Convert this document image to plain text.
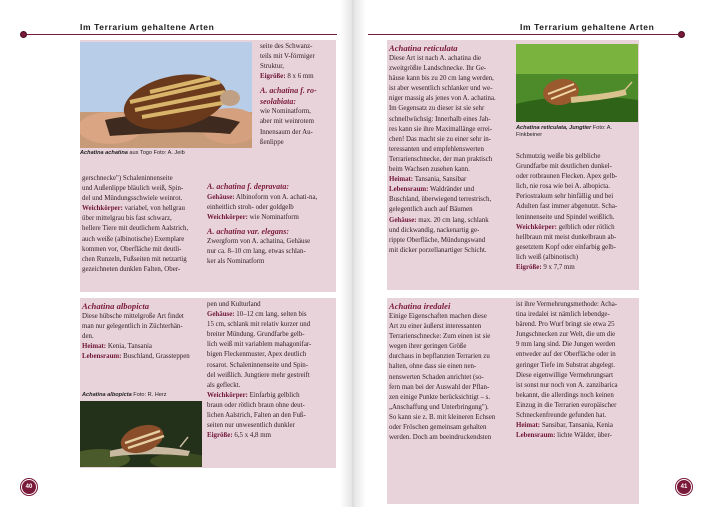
Im Terrarium gehaltene Arten
Achatina achatina aus Togo Foto: A. Jeib

seite des Schwanz-

teils mit V-förmiger

Struktur,

Eigröße: 8 x 6 mm

A. achatina f. ro-seolabiata:

wie Nominatform,

aber mit weinrotem

Innensaum der Au-

ßenlippe

A. achatina f. depravata:

Gehäuse: Albinoform von A. achati-na, einheitlich stroh- oder goldgelb

Weichkörper: wie Nominatform

A. achatina var. elegans:

Zwergform von A. achatina, Gehäuse

nur ca. 8–10 cm lang, etwas schlan-

ker als Nominatform

gerschnecke") Schaleninnenseite

und Außenlippe bläulich weiß, Spin-

del und Mündungsschwiele weinrot.

Weichkörper: variabel, von hellgrau

über mittelgrau bis fast schwarz,

hellere Tiere mit deutlichem Aalstrich,

auch weiße (albinotische) Exemplare

kommen vor, Oberfläche mit deutli-

chen Runzeln, Fußseiten mit netzartig

gezeichneten dunklen Falten, Ober-

Achatina albopicta

Diese hübsche mittelgroße Art findet

man nur gelegentlich in Züchterhän-

den.

Heimat: Kenia, Tansania

Lebensraum: Buschland, Grassteppen

Achatina albopicta Foto: R. Herz

pen und Kulturland

Gehäuse: 10–12 cm lang, selten bis

15 cm, schlank mit relativ kurzer und

breiter Mündung. Grundfarbe gelb-

lich weiß mit variablem mahagonifar-

bigen Fleckenmuster, Apex deutlich

rosarot. Schaleninnenseite und Spin-

del weißlich. Jungtiere mehr gestreift

als gefleckt.

Weichkörper: Einfarbig gelblich

braun oder rötlich braun ohne deut-

lichen Aalstrich, Falten an den Fuß-

seiten nur unwesentlich dunkler

Eigröße: 6,5 x 4,8 mm

40
Im Terrarium gehaltene Arten

Achatina reticulata

Diese Art ist nach A. achatina die

zweitgrößte Landschnecke. Ihr Ge-

häuse kann bis zu 20 cm lang werden,

ist aber wesentlich schlanker und we-

niger massig als jenes von A. achatina.

Im Gegensatz zu dieser ist sie sehr

schnellwüchsig: Innerhalb eines Jah-

res kann sie ihre Maximallänge errei-

chen! Das macht sie zu einer sehr in-

teressanten und empfehlenswerten

Terrarienschnecke, der man praktisch

beim Wachsen zusehen kann.

Heimat: Tansania, Sansibar

Lebensraum: Waldränder und

Buschland, überwiegend terrestrisch,

gelegentlich auch auf Bäumen

Gehäuse: max. 20 cm lang, schlank

und dickwandig, nackenartig ge-

rippte Oberfläche, Mündungswand

mit dicker porzellanartiger Schicht.

Achatina reticulata, Jungtier Foto: A. Finkbeiner

Schmutzig weiße bis gelbliche

Grundfarbe mit deutlichen dunkel-

oder rotbraunen Flecken. Apex gelb-

lich, nie rosa wie bei A. albopicta.

Periostrakum sehr hinfällig und bei

Adulten fast immer abgenutzt. Scha-

leninnenseite und Spindel weißlich.

Weichkörper: gelblich oder rötlich

hellbraun mit meist dunkelbraun ab-

gesetztem Kopf oder einfarbig gelb-

lich weiß (albinotisch)

Eigröße: 9 x 7,7 mm

Achatina iredalei

Einige Eigenschaften machen diese

Art zu einer äußerst interessanten

Terrarienschnecke: Zum einen ist sie

wegen ihrer geringen Größe

durchaus in bepflanzten Terrarien zu

halten, ohne dass sie einen nen-

nenswerten Schaden anrichtet (so-

fern man bei der Auswahl der Pflan-

zen einige Punkte berücksichtigt – s.

„Anschaffung und Unterbringung").

So kann sie z. B. mit kleineren Echsen

oder Fröschen gemeinsam gehalten

werden. Doch am beeindruckendsten

ist ihre Vermehrungsmethode: Acha-

tina iredalei ist nämlich lebendge-

bärend. Pro Wurf bringt sie etwa 25

Jungschnecken zur Welt, die um die

9 mm lang sind. Die Jungen werden

entweder auf der Oberfläche oder in

geringer Tiefe im Substrat abgelegt.

Diese eigenwillige Vermehrungsart

ist sonst nur noch von A. zanzibarica

bekannt, die allerdings noch keinen

Einzug in die Terrarien europäischer

Schneckenfreunde gefunden hat.

Heimat: Sansibar, Tansania, Kenia

Lebensraum: lichte Wälder, über-

41
